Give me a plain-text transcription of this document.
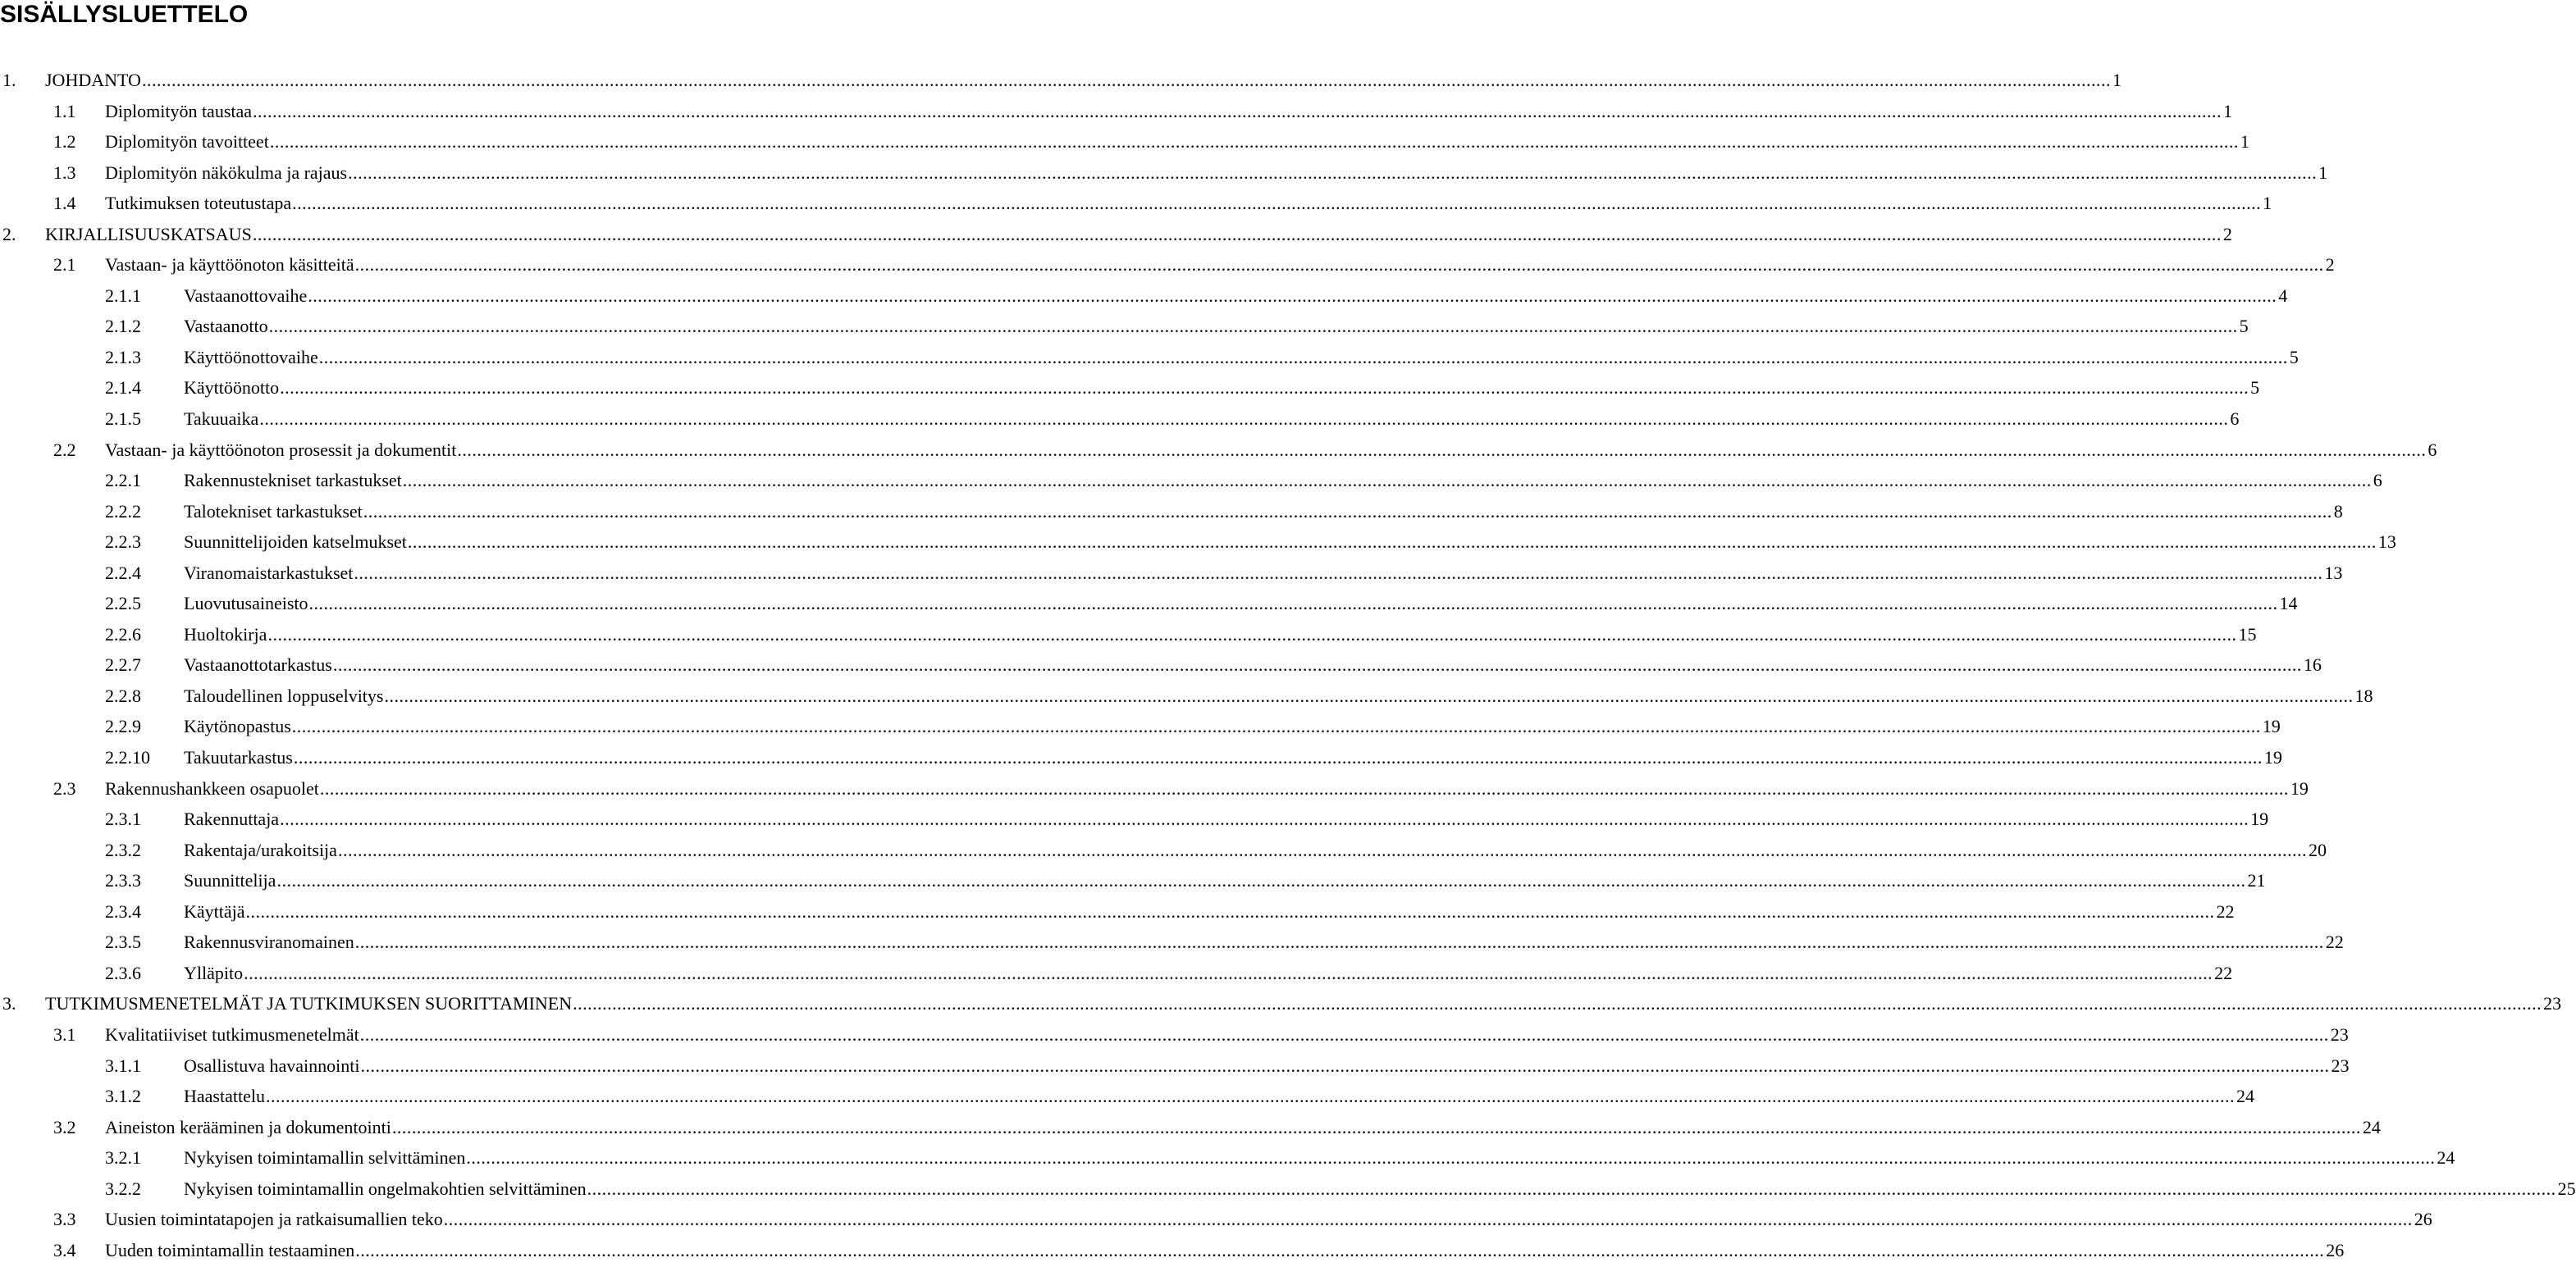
SISÄLLYSLUETTELO
1. JOHDANTO ................................................................................................................................................................................................................................................................................................................................................................................................................ 1
1.1 Diplomityön taustaa ................................................................................................................................................................................................................................................................................................................................................................................................................ 1
1.2 Diplomityön tavoitteet ................................................................................................................................................................................................................................................................................................................................................................................................................ 1
1.3 Diplomityön näkökulma ja rajaus ................................................................................................................................................................................................................................................................................................................................................................................................................ 1
1.4 Tutkimuksen toteutustapa ................................................................................................................................................................................................................................................................................................................................................................................................................ 1
2. KIRJALLISUUSKATSAUS ................................................................................................................................................................................................................................................................................................................................................................................................................ 2
2.1 Vastaan- ja käyttöönoton käsitteitä ................................................................................................................................................................................................................................................................................................................................................................................................................ 2
2.1.1 Vastaanottovaihe ................................................................................................................................................................................................................................................................................................................................................................................................................ 4
2.1.2 Vastaanotto ................................................................................................................................................................................................................................................................................................................................................................................................................ 5
2.1.3 Käyttöönottovaihe ................................................................................................................................................................................................................................................................................................................................................................................................................ 5
2.1.4 Käyttöönotto ................................................................................................................................................................................................................................................................................................................................................................................................................ 5
2.1.5 Takuuaika ................................................................................................................................................................................................................................................................................................................................................................................................................ 6
2.2 Vastaan- ja käyttöönoton prosessit ja dokumentit ................................................................................................................................................................................................................................................................................................................................................................................................................ 6
2.2.1 Rakennustekniset tarkastukset ................................................................................................................................................................................................................................................................................................................................................................................................................ 6
2.2.2 Talotekniset tarkastukset ................................................................................................................................................................................................................................................................................................................................................................................................................ 8
2.2.3 Suunnittelijoiden katselmukset ................................................................................................................................................................................................................................................................................................................................................................................................................ 13
2.2.4 Viranomaistarkastukset ................................................................................................................................................................................................................................................................................................................................................................................................................ 13
2.2.5 Luovutusaineisto ................................................................................................................................................................................................................................................................................................................................................................................................................ 14
2.2.6 Huoltokirja ................................................................................................................................................................................................................................................................................................................................................................................................................ 15
2.2.7 Vastaanottotarkastus ................................................................................................................................................................................................................................................................................................................................................................................................................ 16
2.2.8 Taloudellinen loppuselvitys ................................................................................................................................................................................................................................................................................................................................................................................................................ 18
2.2.9 Käytönopastus ................................................................................................................................................................................................................................................................................................................................................................................................................ 19
2.2.10 Takuutarkastus ................................................................................................................................................................................................................................................................................................................................................................................................................ 19
2.3 Rakennushankkeen osapuolet ................................................................................................................................................................................................................................................................................................................................................................................................................ 19
2.3.1 Rakennuttaja ................................................................................................................................................................................................................................................................................................................................................................................................................ 19
2.3.2 Rakentaja/urakoitsija ................................................................................................................................................................................................................................................................................................................................................................................................................ 20
2.3.3 Suunnittelija ................................................................................................................................................................................................................................................................................................................................................................................................................ 21
2.3.4 Käyttäjä ................................................................................................................................................................................................................................................................................................................................................................................................................ 22
2.3.5 Rakennusviranomainen ................................................................................................................................................................................................................................................................................................................................................................................................................ 22
2.3.6 Ylläpito ................................................................................................................................................................................................................................................................................................................................................................................................................ 22
3. TUTKIMUSMENETELMÄT JA TUTKIMUKSEN SUORITTAMINEN ................................................................................................................................................................................................................................................................................................................................................................................................................ 23
3.1 Kvalitatiiviset tutkimusmenetelmät ................................................................................................................................................................................................................................................................................................................................................................................................................ 23
3.1.1 Osallistuva havainnointi ................................................................................................................................................................................................................................................................................................................................................................................................................ 23
3.1.2 Haastattelu ................................................................................................................................................................................................................................................................................................................................................................................................................ 24
3.2 Aineiston kerääminen ja dokumentointi ................................................................................................................................................................................................................................................................................................................................................................................................................ 24
3.2.1 Nykyisen toimintamallin selvittäminen ................................................................................................................................................................................................................................................................................................................................................................................................................ 24
3.2.2 Nykyisen toimintamallin ongelmakohtien selvittäminen ................................................................................................................................................................................................................................................................................................................................................................................................................ 25
3.3 Uusien toimintatapojen ja ratkaisumallien teko ................................................................................................................................................................................................................................................................................................................................................................................................................ 26
3.4 Uuden toimintamallin testaaminen ................................................................................................................................................................................................................................................................................................................................................................................................................ 26
